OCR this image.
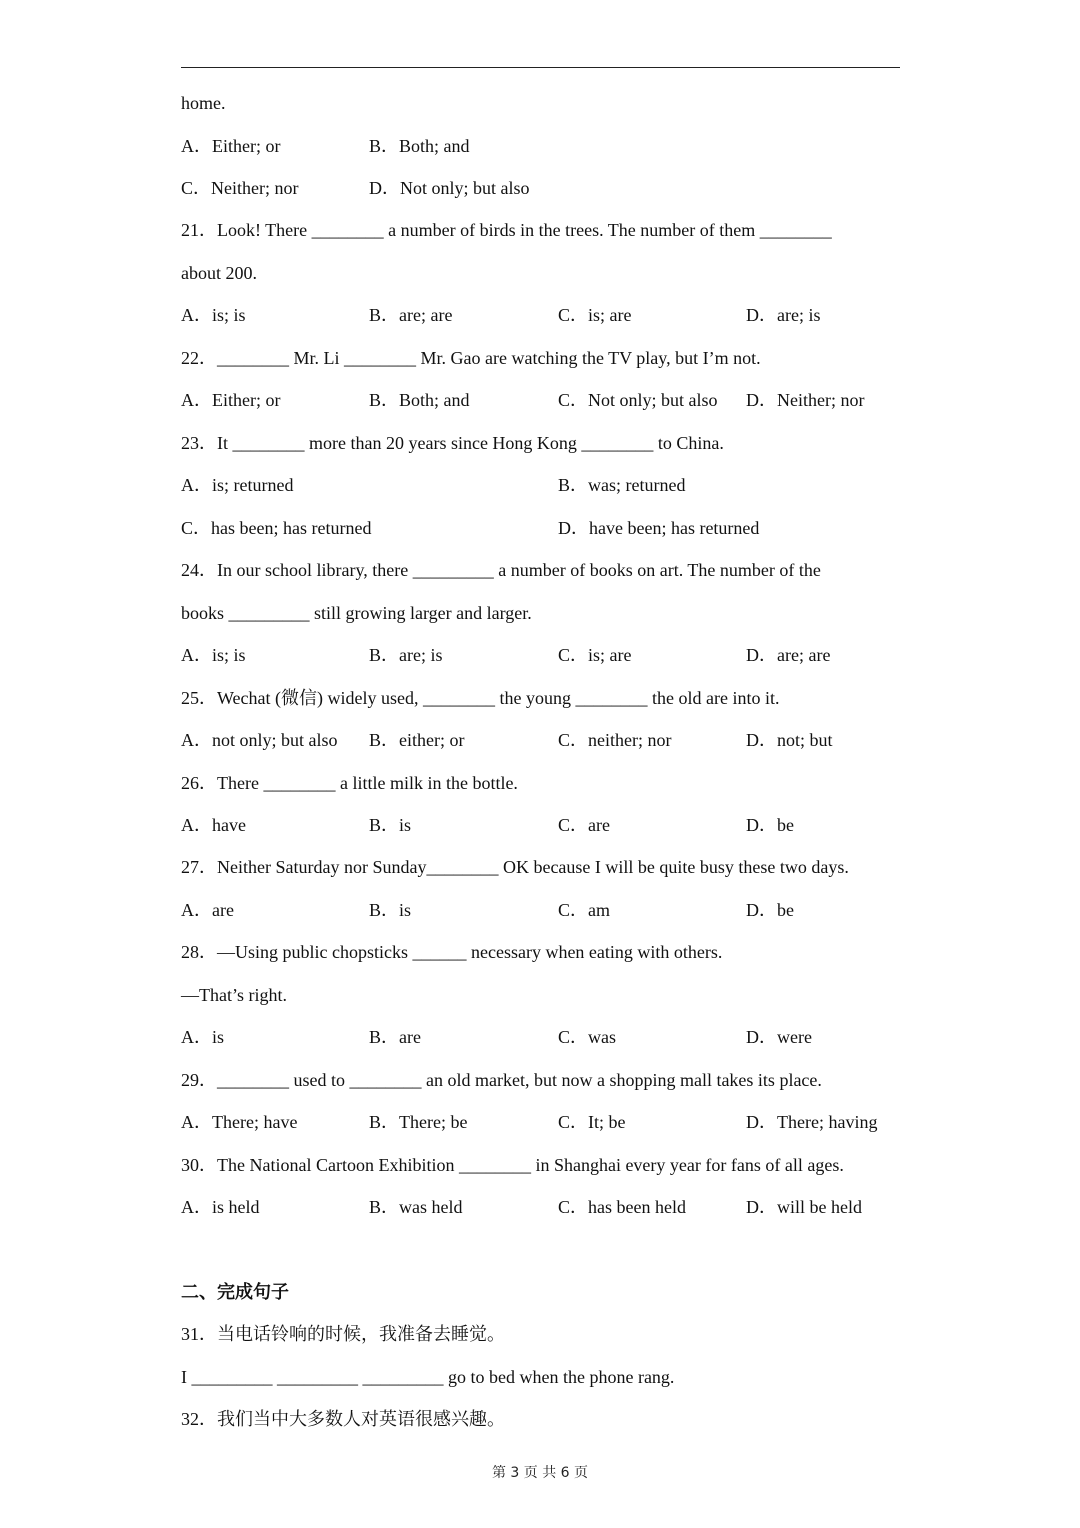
home.
A．Either; or	B．Both; and
C．Neither; nor	D．Not only; but also
21．Look! There ________ a number of birds in the trees. The number of them ________
about 200.
A．is; is	B．are; are	C．is; are	D．are; is
22．________ Mr. Li ________ Mr. Gao are watching the TV play, but I’m not.
A．Either; or	B．Both; and	C．Not only; but also D．Neither; nor
23．It ________ more than 20 years since Hong Kong ________ to China.
A．is; returned	B．was; returned
C．has been; has returned	D．have been; has returned
24．In our school library, there _________ a number of books on art. The number of the
books _________ still growing larger and larger.
A．is; is	B．are; is	C．is; are	D．are; are
25．Wechat (微信) widely used, ________ the young ________ the old are into it.
A．not only; but also B．either; or	C．neither; nor	D．not; but
26．There ________ a little milk in the bottle.
A．have	B．is	C．are	D．be
27．Neither Saturday nor Sunday________ OK because I will be quite busy these two days.
A．are	B．is	C．am	D．be
28．—Using public chopsticks ______ necessary when eating with others.
—That’s right.
A．is	B．are	C．was	D．were
29．________ used to ________ an old market, but now a shopping mall takes its place.
A．There; have	B．There; be	C．It; be	D．There; having
30．The National Cartoon Exhibition ________ in Shanghai every year for fans of all ages.
A．is held	B．was held	C．has been held	D．will be held
二、完成句子
31．当电话铃响的时候，我准备去睡觉。
I _________ _________ _________ go to bed when the phone rang.
32．我们当中大多数人对英语很感兴趣。
第 3 页 共 6 页
